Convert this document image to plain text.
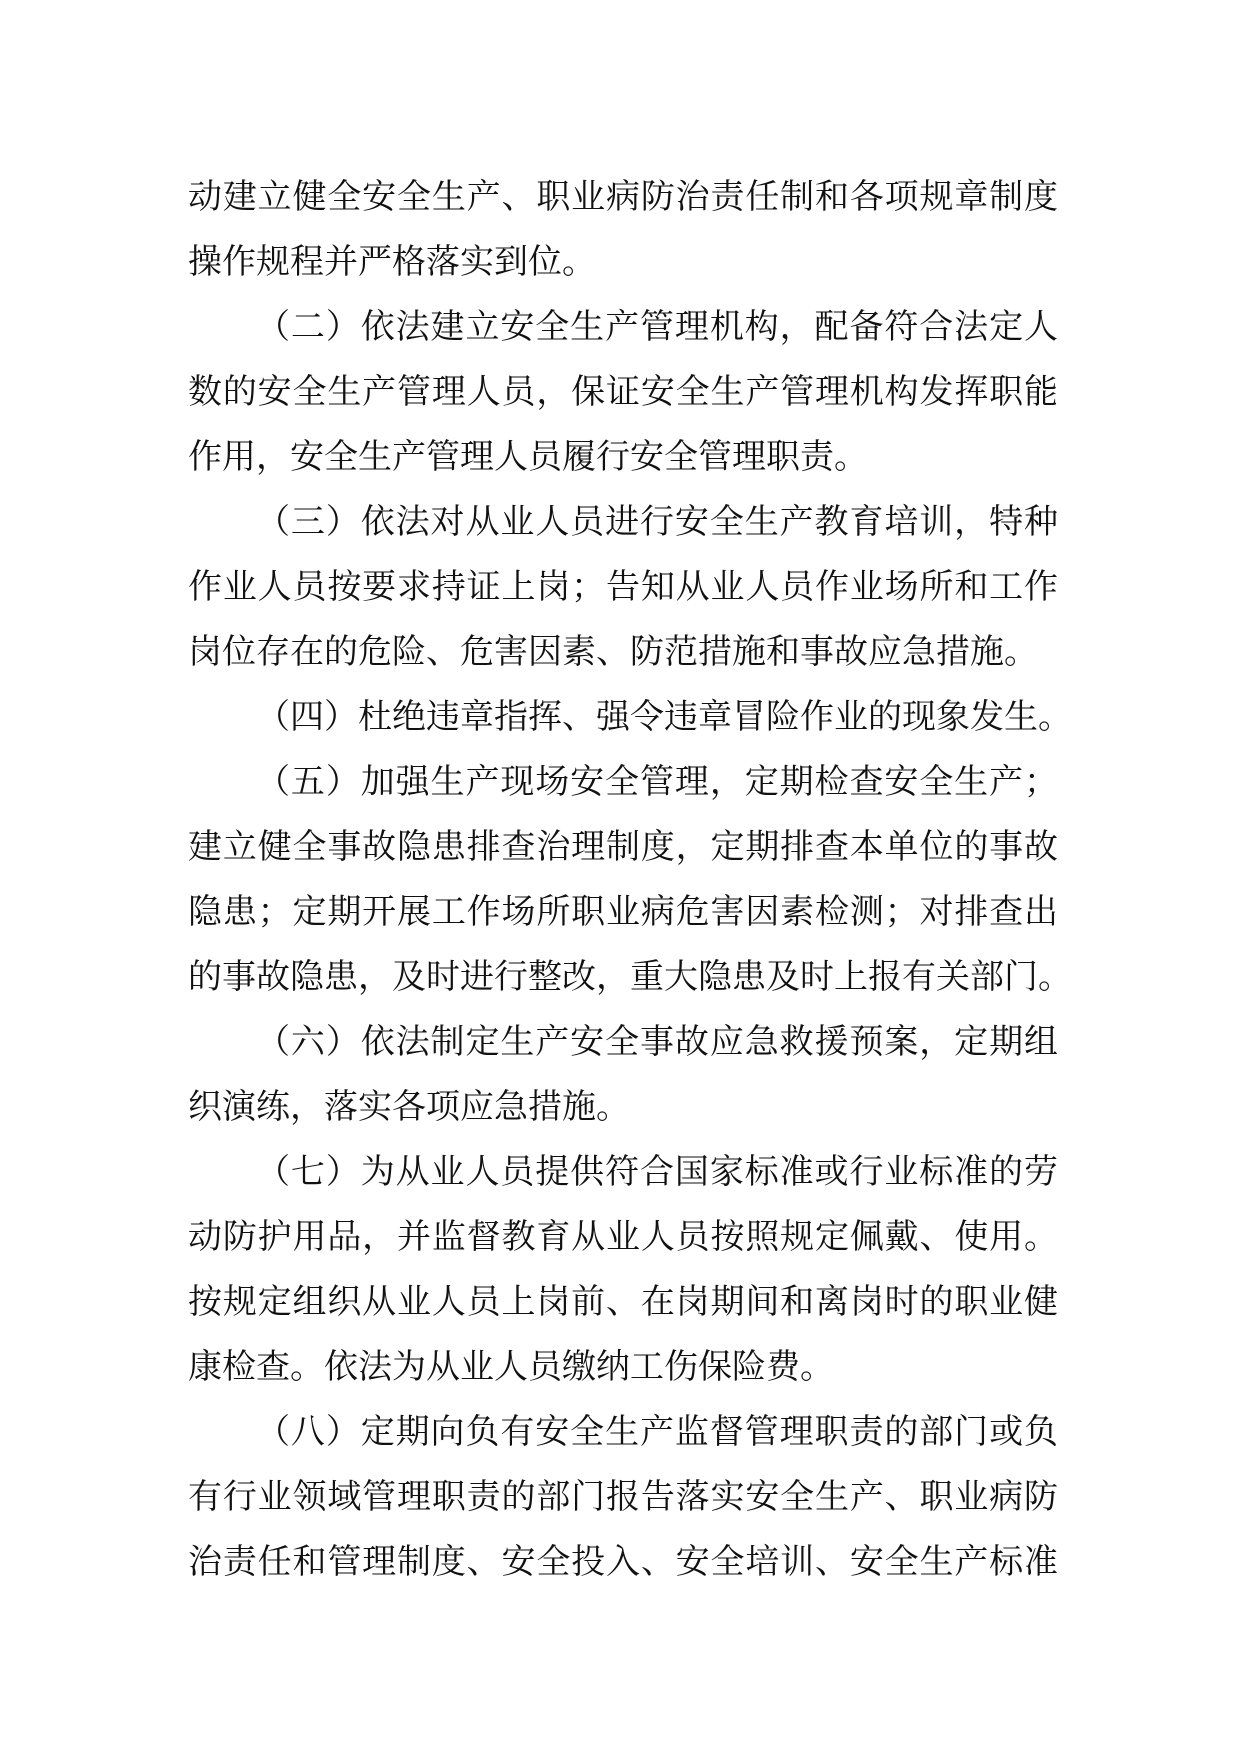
动建立健全安全生产、职业病防治责任制和各项规章制度
操作规程并严格落实到位。
（二）依法建立安全生产管理机构，配备符合法定人
数的安全生产管理人员，保证安全生产管理机构发挥职能
作用，安全生产管理人员履行安全管理职责。
（三）依法对从业人员进行安全生产教育培训，特种
作业人员按要求持证上岗；告知从业人员作业场所和工作
岗位存在的危险、危害因素、防范措施和事故应急措施。
（四）杜绝违章指挥、强令违章冒险作业的现象发生。
（五）加强生产现场安全管理，定期检查安全生产；
建立健全事故隐患排查治理制度，定期排查本单位的事故
隐患；定期开展工作场所职业病危害因素检测；对排查出
的事故隐患，及时进行整改，重大隐患及时上报有关部门。
（六）依法制定生产安全事故应急救援预案，定期组
织演练，落实各项应急措施。
（七）为从业人员提供符合国家标准或行业标准的劳
动防护用品，并监督教育从业人员按照规定佩戴、使用。
按规定组织从业人员上岗前、在岗期间和离岗时的职业健
康检查。依法为从业人员缴纳工伤保险费。
（八）定期向负有安全生产监督管理职责的部门或负
有行业领域管理职责的部门报告落实安全生产、职业病防
治责任和管理制度、安全投入、安全培训、安全生产标准
